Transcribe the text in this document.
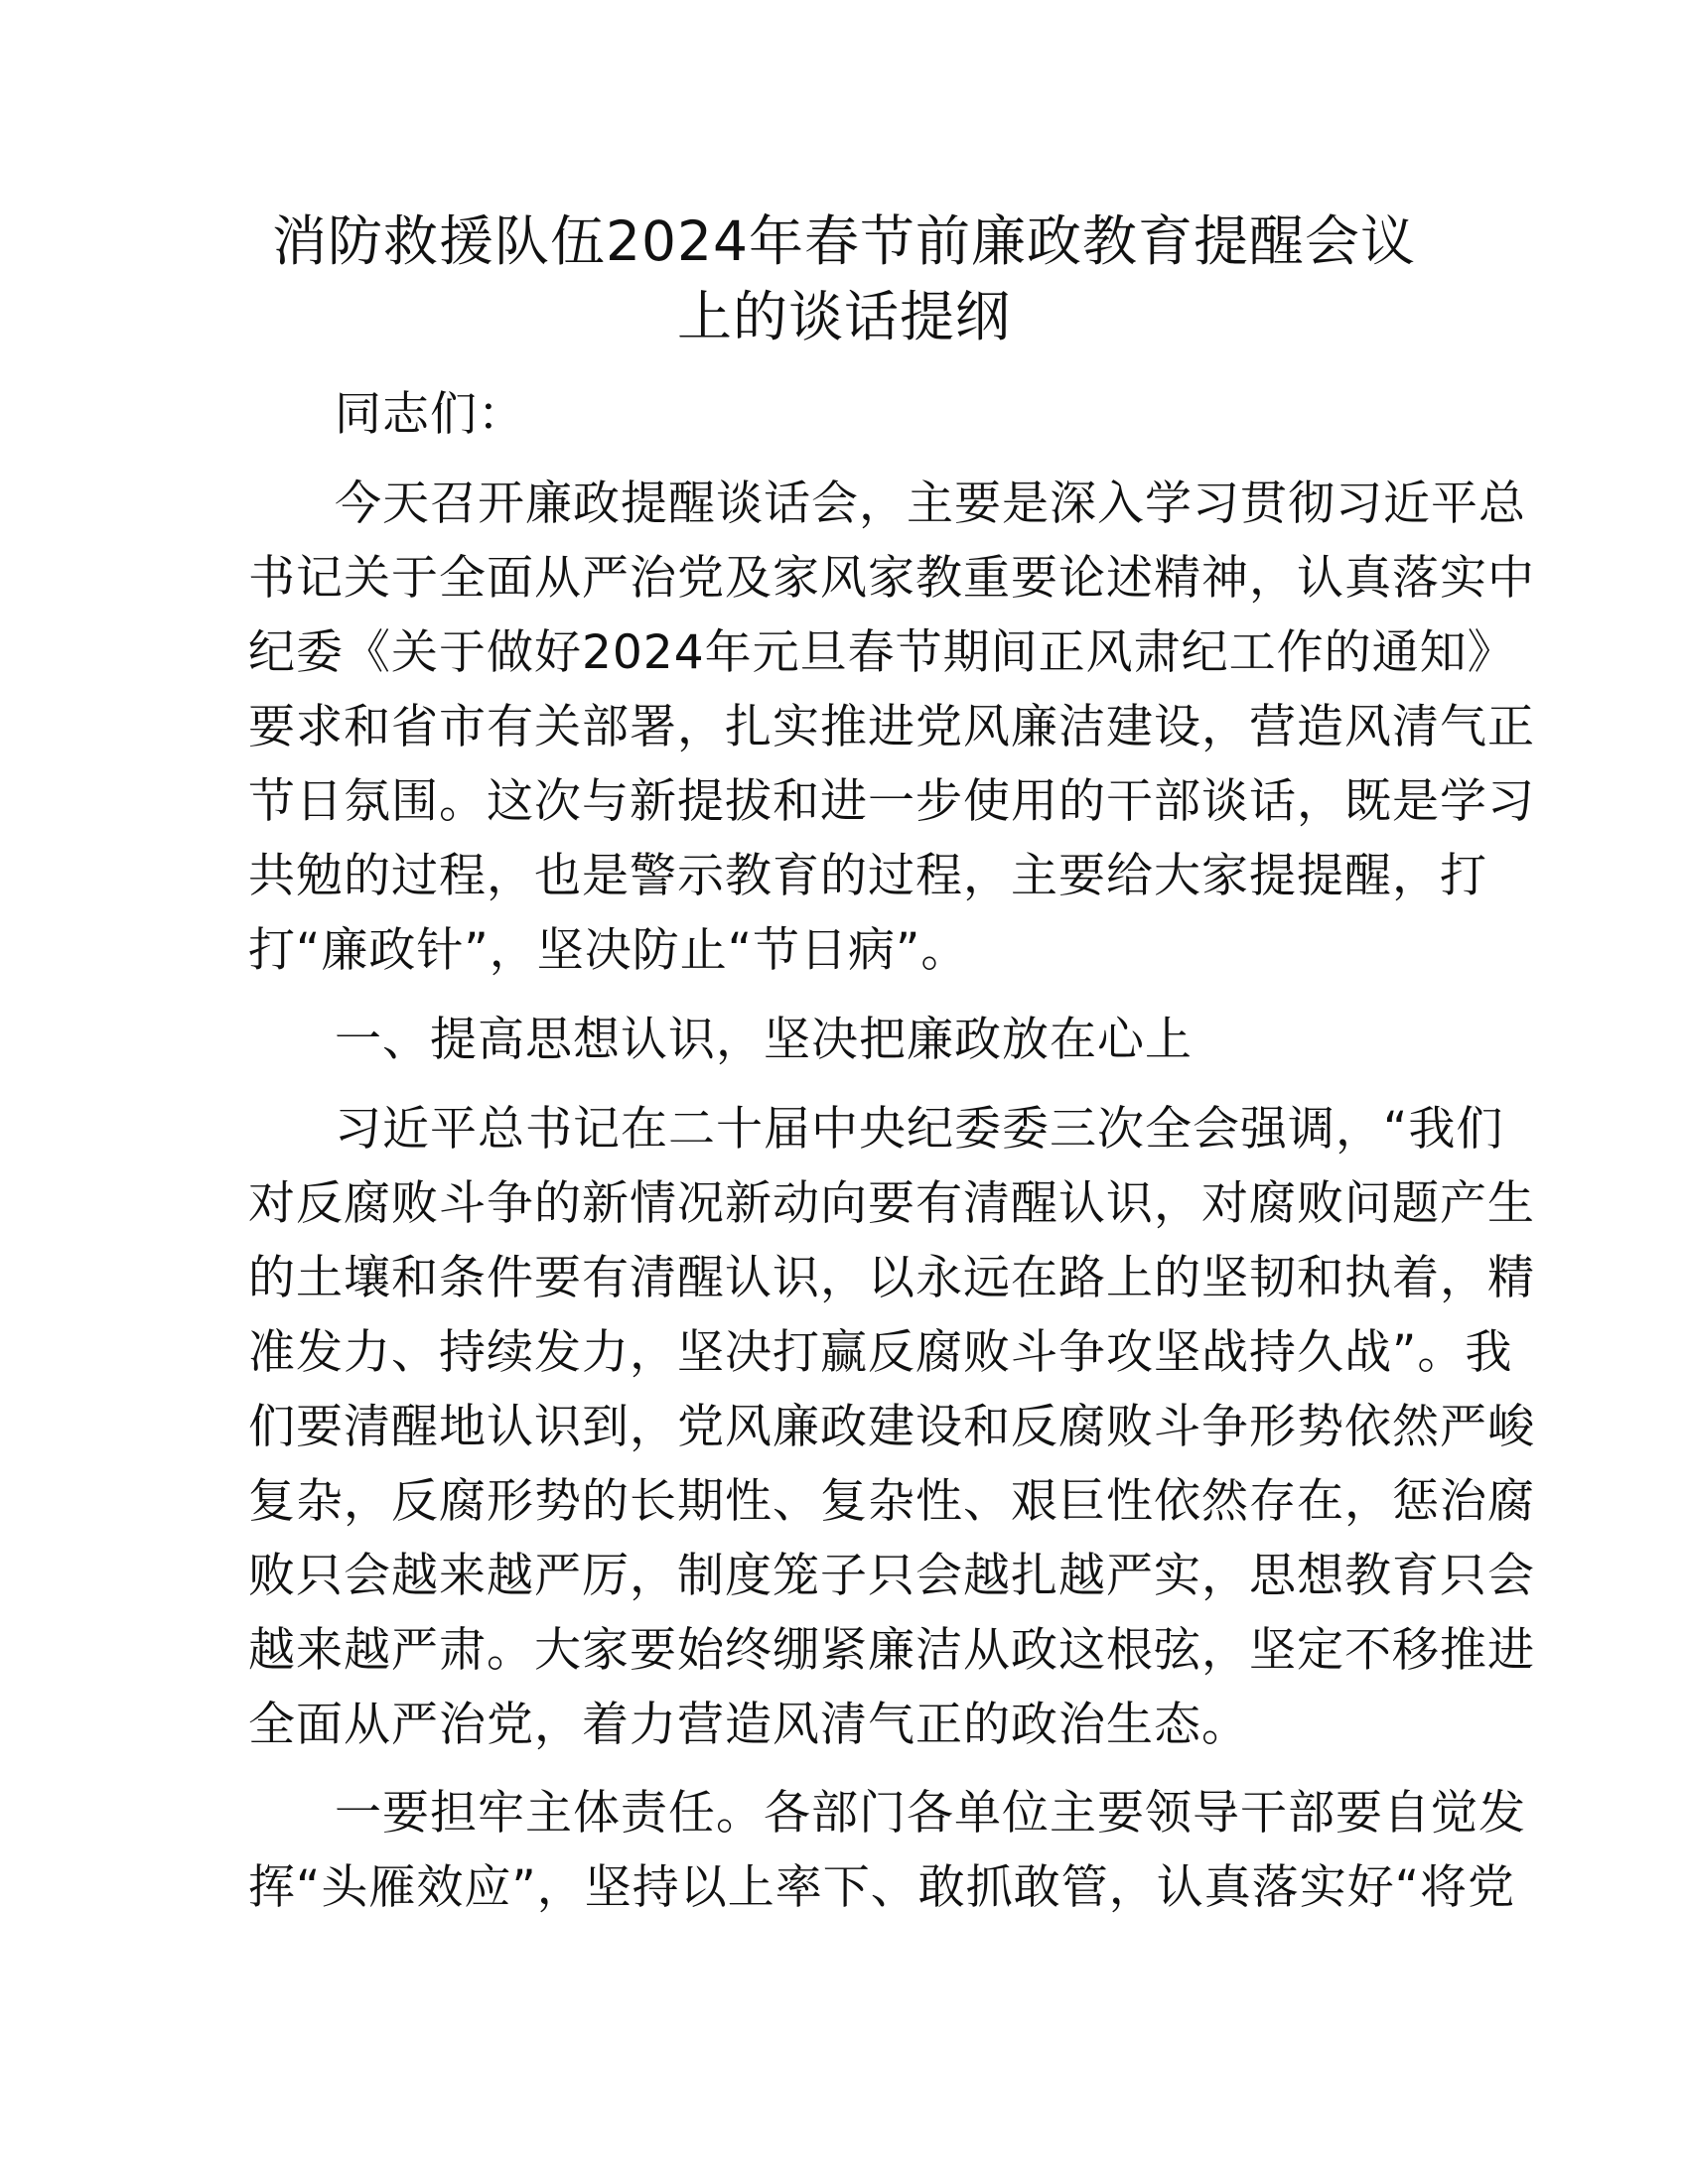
消防救援队伍2024年春节前廉政教育提醒会议
上的谈话提纲
同志们：
今天召开廉政提醒谈话会，主要是深入学习贯彻习近平总
书记关于全面从严治党及家风家教重要论述精神，认真落实中
纪委《关于做好2024年元旦春节期间正风肃纪工作的通知》
要求和省市有关部署，扎实推进党风廉洁建设，营造风清气正
节日氛围。这次与新提拔和进一步使用的干部谈话，既是学习
共勉的过程，也是警示教育的过程，主要给大家提提醒，打
打“廉政针”，坚决防止“节日病”。
一、提高思想认识，坚决把廉政放在心上
习近平总书记在二十届中央纪委委三次全会强调，“我们
对反腐败斗争的新情况新动向要有清醒认识，对腐败问题产生
的土壤和条件要有清醒认识，以永远在路上的坚韧和执着，精
准发力、持续发力，坚决打赢反腐败斗争攻坚战持久战”。我
们要清醒地认识到，党风廉政建设和反腐败斗争形势依然严峻
复杂，反腐形势的长期性、复杂性、艰巨性依然存在，惩治腐
败只会越来越严厉，制度笼子只会越扎越严实，思想教育只会
越来越严肃。大家要始终绷紧廉洁从政这根弦，坚定不移推进
全面从严治党，着力营造风清气正的政治生态。
一要担牢主体责任。各部门各单位主要领导干部要自觉发
挥“头雁效应”，坚持以上率下、敢抓敢管，认真落实好“将党
